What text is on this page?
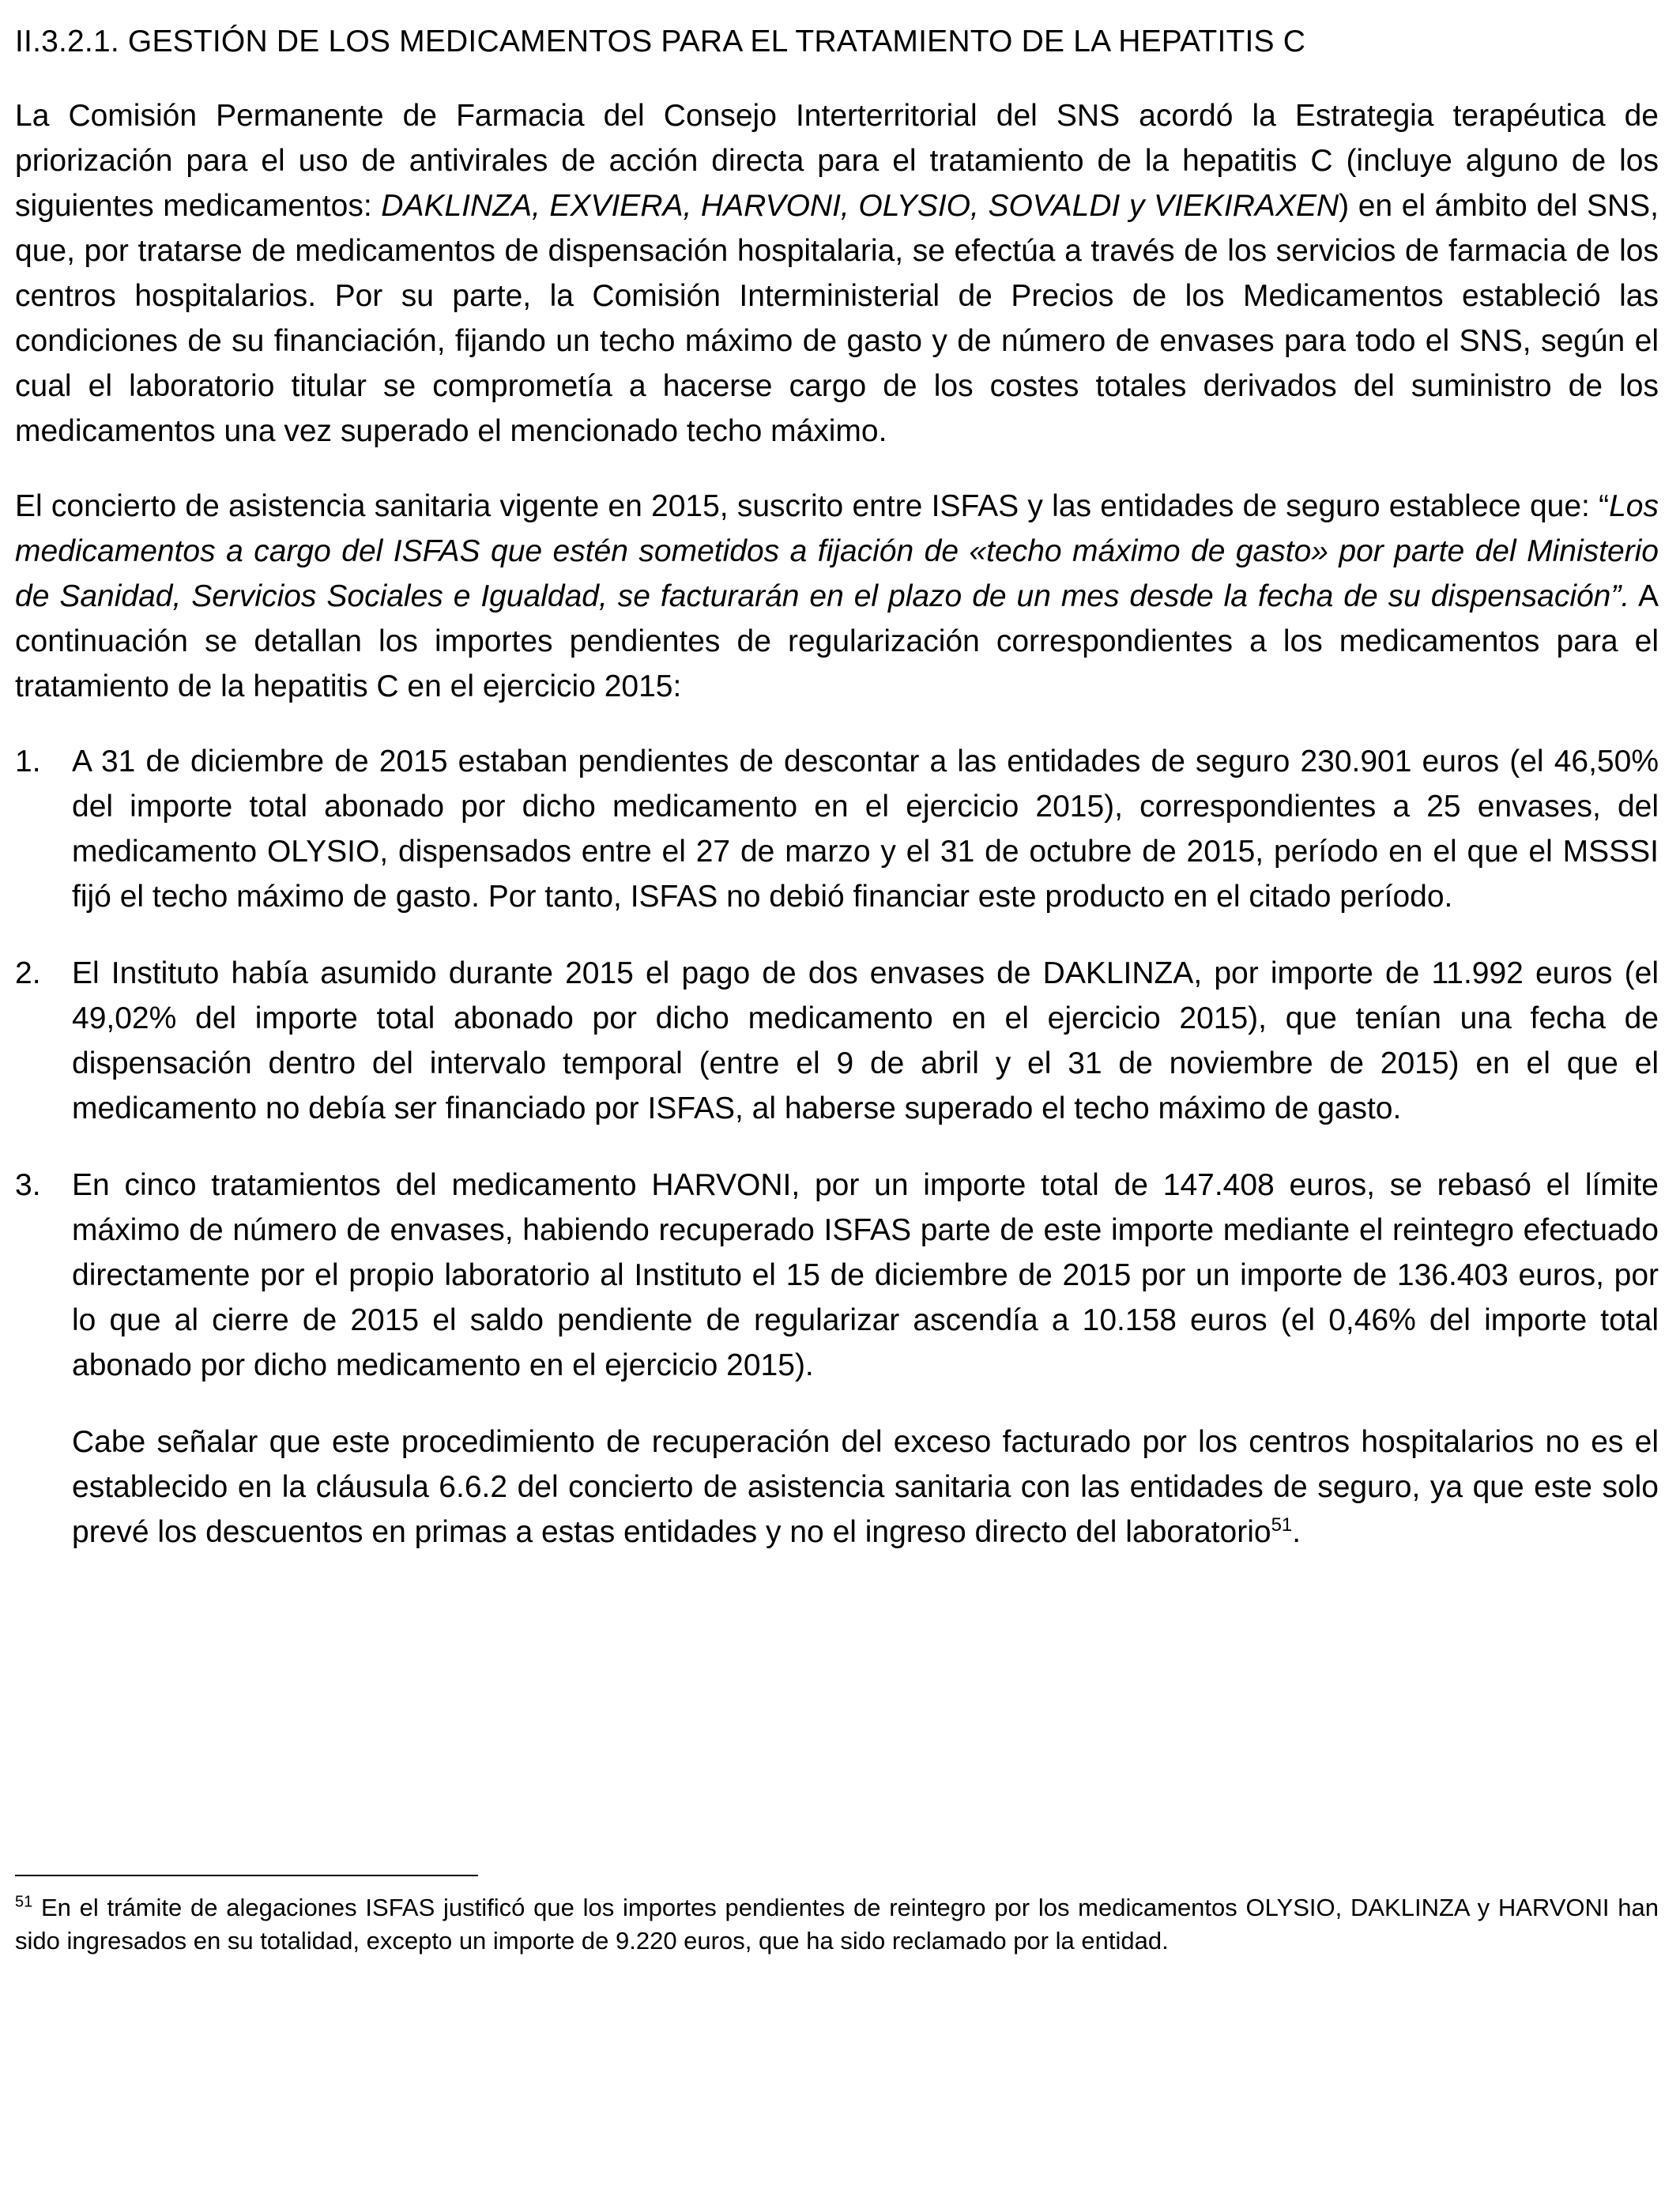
II.3.2.1. GESTIÓN DE LOS MEDICAMENTOS PARA EL TRATAMIENTO DE LA HEPATITIS C

La Comisión Permanente de Farmacia del Consejo Interterritorial del SNS acordó la Estrategia terapéutica de priorización para el uso de antivirales de acción directa para el tratamiento de la hepatitis C (incluye alguno de los siguientes medicamentos: DAKLINZA, EXVIERA, HARVONI, OLYSIO, SOVALDI y VIEKIRAXEN) en el ámbito del SNS, que, por tratarse de medicamentos de dispensación hospitalaria, se efectúa a través de los servicios de farmacia de los centros hospitalarios. Por su parte, la Comisión Interministerial de Precios de los Medicamentos estableció las condiciones de su financiación, fijando un techo máximo de gasto y de número de envases para todo el SNS, según el cual el laboratorio titular se comprometía a hacerse cargo de los costes totales derivados del suministro de los medicamentos una vez superado el mencionado techo máximo.

El concierto de asistencia sanitaria vigente en 2015, suscrito entre ISFAS y las entidades de seguro establece que: “Los medicamentos a cargo del ISFAS que estén sometidos a fijación de «techo máximo de gasto» por parte del Ministerio de Sanidad, Servicios Sociales e Igualdad, se facturarán en el plazo de un mes desde la fecha de su dispensación”. A continuación se detallan los importes pendientes de regularización correspondientes a los medicamentos para el tratamiento de la hepatitis C en el ejercicio 2015:

1. A 31 de diciembre de 2015 estaban pendientes de descontar a las entidades de seguro 230.901 euros (el 46,50% del importe total abonado por dicho medicamento en el ejercicio 2015), correspondientes a 25 envases, del medicamento OLYSIO, dispensados entre el 27 de marzo y el 31 de octubre de 2015, período en el que el MSSSI fijó el techo máximo de gasto. Por tanto, ISFAS no debió financiar este producto en el citado período.

2. El Instituto había asumido durante 2015 el pago de dos envases de DAKLINZA, por importe de 11.992 euros (el 49,02% del importe total abonado por dicho medicamento en el ejercicio 2015), que tenían una fecha de dispensación dentro del intervalo temporal (entre el 9 de abril y el 31 de noviembre de 2015) en el que el medicamento no debía ser financiado por ISFAS, al haberse superado el techo máximo de gasto.

3. En cinco tratamientos del medicamento HARVONI, por un importe total de 147.408 euros, se rebasó el límite máximo de número de envases, habiendo recuperado ISFAS parte de este importe mediante el reintegro efectuado directamente por el propio laboratorio al Instituto el 15 de diciembre de 2015 por un importe de 136.403 euros, por lo que al cierre de 2015 el saldo pendiente de regularizar ascendía a 10.158 euros (el 0,46% del importe total abonado por dicho medicamento en el ejercicio 2015).

Cabe señalar que este procedimiento de recuperación del exceso facturado por los centros hospitalarios no es el establecido en la cláusula 6.6.2 del concierto de asistencia sanitaria con las entidades de seguro, ya que este solo prevé los descuentos en primas a estas entidades y no el ingreso directo del laboratorio$^{51}$.

$^{51}$ En el trámite de alegaciones ISFAS justificó que los importes pendientes de reintegro por los medicamentos OLYSIO, DAKLINZA y HARVONI han sido ingresados en su totalidad, excepto un importe de 9.220 euros, que ha sido reclamado por la entidad.
